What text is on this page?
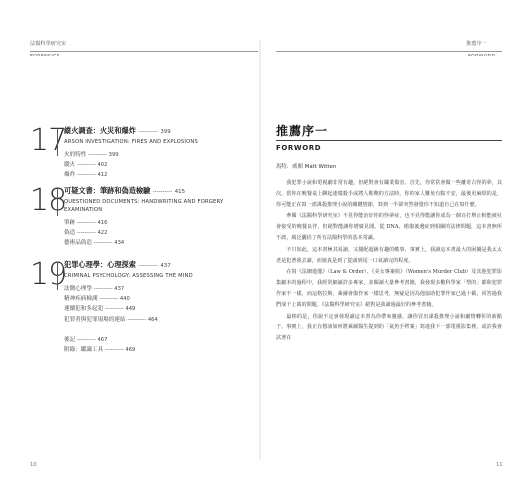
法醫科學研究室	推薦序一
17
縱火調查：火災和爆炸 ---------- 399
ARSON INVESTIGATION: FIRES AND EXPLOSIONS
火的特性 ---------- 399
縱火 ---------- 402
爆炸 ---------- 412
18
可疑文書：筆跡和偽造檢驗 ---------- 415
QUESTIONED DOCUMENTS: HANDWRITING AND FORGERY EXAMINATION
筆跡 ---------- 416
偽造 ---------- 422
藝術品偽造 ---------- 434
19
犯罪心理學：心理探索 ---------- 437
CRIMINAL PSYCHOLOGY: ASSESSING THE MIND
法醫心理學 ---------- 437
精神疾病檢測 ---------- 440
連續犯和多起犯 ---------- 449
犯罪者與犯罪現場的連結 ---------- 464
後記 ---------- 467
附錄：鑑識工具 ---------- 469
推薦序一
FORWORD
馬特．威頓 Matt Witten

我犯罪小說和電視劇非常有趣，但絕對會有職業傷害。首先，你常常會做一些離奇古怪的夢，其次，當你在晚餐桌上聊起連環殺手或將人勒斃的方法時，你的家人難免有點不安，最後更麻煩的是，你可能正在寫一部謀殺推理小說的關鍵情節，寫到一半卻突然發覺你不知道自己在寫什麼。

參閱《法醫科學研究室》不見得能治好你的怪夢症，也不見得能讓你成為一個百打舉止較能被社會接受的晚餐良伴，但絕對能讓你增廣見聞，從 DNA、槍傷後遺症到相關的法律問題，這本書無所不談，廣泛囊括了所有法醫科學的基本常識。

不只如此，這本書極其易讀，又描配超級有趣的軼事，事實上，我讀這本書最大的困擾是我太太老是犯著我去讀，而她真是到了從頭到尾一口氣讀完的程度。

在寫《法網遊龍》（Law & Order）、《美女專案組》（Women's Murder Club）及其他犯罪影集劇本的過程中，我經常細讀許多專家，並閱讀大量參考書籍，我發現多數科學家「塑的」都和犯罪作家不一樣，而這格拉斯、萊爾會傷作家一樣思考，無疑是因為他協助犯罪作家已過十載，回答過我們成千上萬的問題，《法醫科學研究室》絕對是我讀過最好的參考書籍。

最棒的是，你說不定會發現讀這本書為你帶來靈感，讓你冒出謀殺推理小說和劇情轉折的新點子。事實上，我正在想該如何將萊爾醫生提到的「氣魚手臂案」寫進我下一部電視影集裡，或許我會試著在

10	11
